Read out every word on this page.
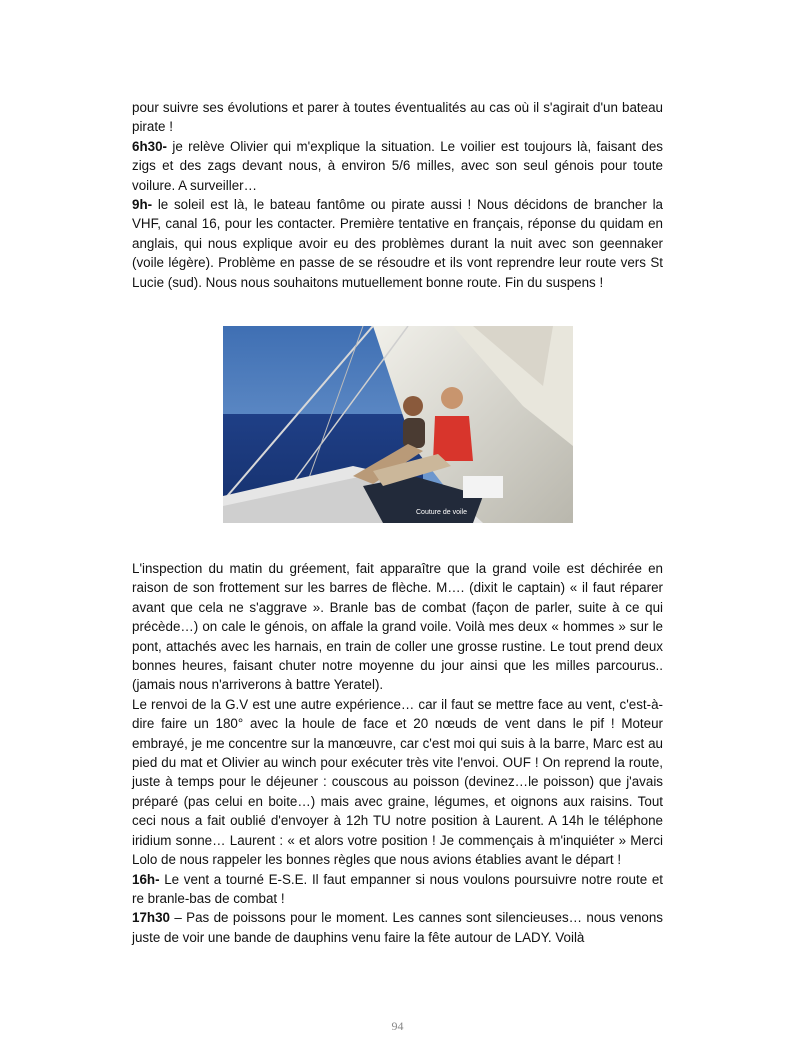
pour suivre ses évolutions et parer à toutes éventualités au cas où il s'agirait d'un bateau pirate !

6h30- je relève Olivier qui m'explique la situation. Le voilier est toujours là, faisant des zigs et des zags devant nous, à environ 5/6 milles, avec son seul génois pour toute voilure. A surveiller…

9h- le soleil est là, le bateau fantôme ou pirate aussi ! Nous décidons de brancher la VHF, canal 16, pour les contacter. Première tentative en français, réponse du quidam en anglais, qui nous explique avoir eu des problèmes durant la nuit avec son geennaker (voile légère). Problème en passe de se résoudre et ils vont reprendre leur route vers St Lucie (sud). Nous nous souhaitons mutuellement bonne route. Fin du suspens !

Couture de voile

L'inspection du matin du gréement, fait apparaître que la grand voile est déchirée en raison de son frottement sur les barres de flèche. M…. (dixit le captain) « il faut réparer avant que cela ne s'aggrave ». Branle bas de combat (façon de parler, suite à ce qui précède…) on cale le génois, on affale la grand voile. Voilà mes deux « hommes » sur le pont, attachés avec les harnais, en train de coller une grosse rustine. Le tout prend deux bonnes heures, faisant chuter notre moyenne du jour ainsi que les milles parcourus..(jamais nous n'arriverons à battre Yeratel).

Le renvoi de la G.V est une autre expérience… car il faut se mettre face au vent, c'est-à-dire faire un 180° avec la houle de face et 20 nœuds de vent dans le pif ! Moteur embrayé, je me concentre sur la manœuvre, car c'est moi qui suis à la barre, Marc est au pied du mat et Olivier au winch pour exécuter très vite l'envoi. OUF ! On reprend la route, juste à temps pour le déjeuner : couscous au poisson (devinez…le poisson) que j'avais préparé (pas celui en boite…) mais avec graine, légumes, et oignons aux raisins. Tout ceci nous a fait oublié d'envoyer à 12h TU notre position à Laurent. A 14h le téléphone iridium sonne… Laurent : « et alors votre position ! Je commençais à m'inquiéter » Merci Lolo de nous rappeler les bonnes règles que nous avions établies avant le départ !

16h- Le vent a tourné E-S.E. Il faut empanner si nous voulons poursuivre notre route et re branle-bas de combat !

17h30 – Pas de poissons pour le moment. Les cannes sont silencieuses… nous venons juste de voir une bande de dauphins venu faire la fête autour de LADY. Voilà

94
